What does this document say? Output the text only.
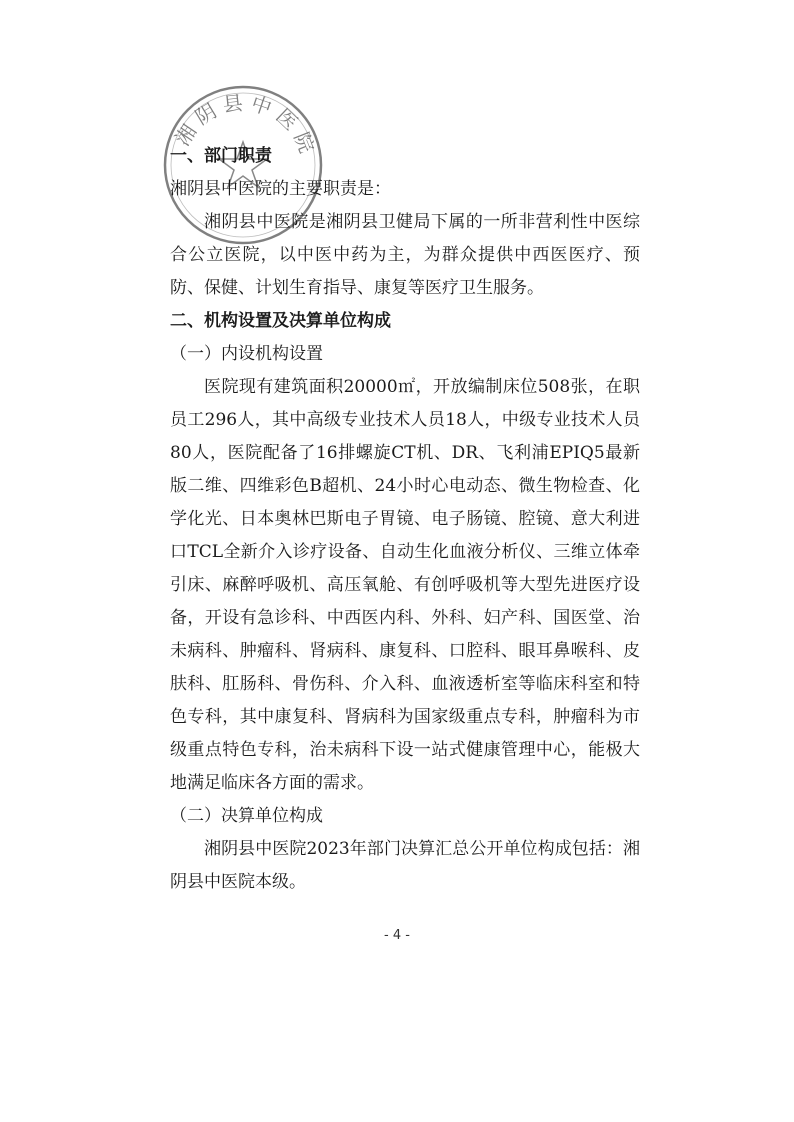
湘阴县中医院

一、部门职责

湘阴县中医院的主要职责是：

湘阴县中医院是湘阴县卫健局下属的一所非营利性中医综合公立医院，以中医中药为主，为群众提供中西医医疗、预防、保健、计划生育指导、康复等医疗卫生服务。

二、机构设置及决算单位构成

（一）内设机构设置

医院现有建筑面积20000㎡，开放编制床位508张，在职员工296人，其中高级专业技术人员18人，中级专业技术人员80人，医院配备了16排螺旋CT机、DR、飞利浦EPIQ5最新版二维、四维彩色B超机、24小时心电动态、微生物检查、化学化光、日本奥林巴斯电子胃镜、电子肠镜、腔镜、意大利进口TCL全新介入诊疗设备、自动生化血液分析仪、三维立体牵引床、麻醉呼吸机、高压氧舱、有创呼吸机等大型先进医疗设备，开设有急诊科、中西医内科、外科、妇产科、国医堂、治未病科、肿瘤科、肾病科、康复科、口腔科、眼耳鼻喉科、皮肤科、肛肠科、骨伤科、介入科、血液透析室等临床科室和特色专科，其中康复科、肾病科为国家级重点专科，肿瘤科为市级重点特色专科，治未病科下设一站式健康管理中心，能极大地满足临床各方面的需求。

（二）决算单位构成

湘阴县中医院2023年部门决算汇总公开单位构成包括：湘阴县中医院本级。

- 4 -
